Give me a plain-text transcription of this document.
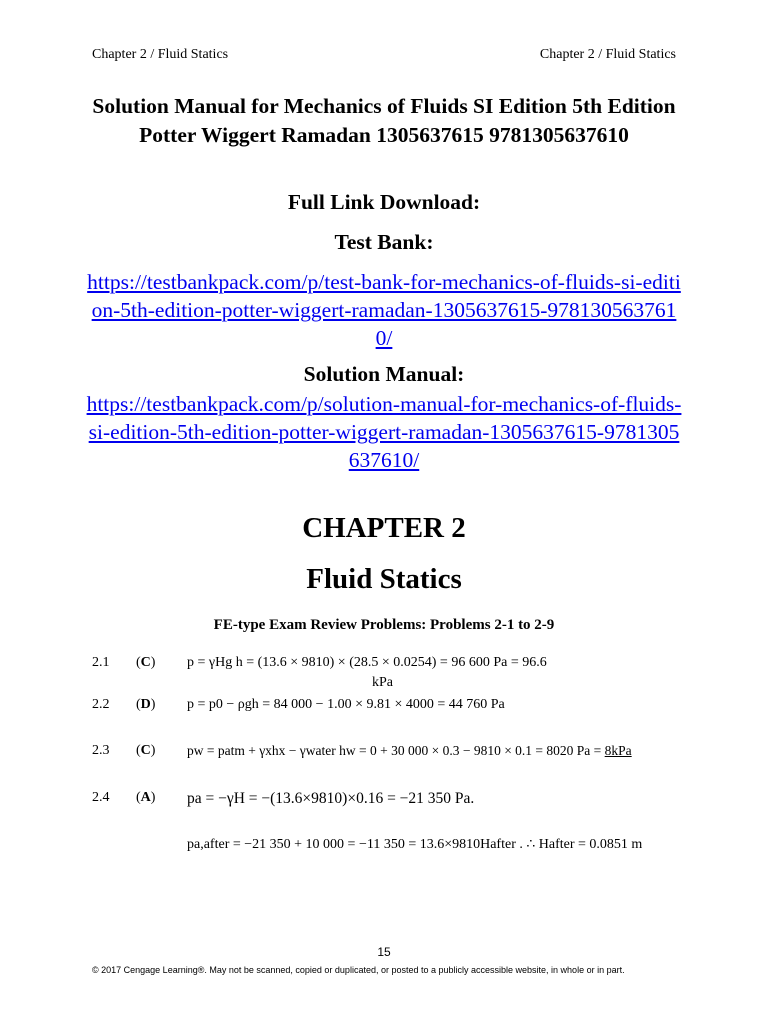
Chapter 2 / Fluid Statics	Chapter 2 / Fluid Statics
Solution Manual for Mechanics of Fluids SI Edition 5th Edition Potter Wiggert Ramadan 1305637615 9781305637610
Full Link Download:
Test Bank:
https://testbankpack.com/p/test-bank-for-mechanics-of-fluids-si-edition-5th-edition-potter-wiggert-ramadan-1305637615-9781305637610/
Solution Manual:
https://testbankpack.com/p/solution-manual-for-mechanics-of-fluids-si-edition-5th-edition-potter-wiggert-ramadan-1305637615-9781305637610/
CHAPTER 2
Fluid Statics
FE-type Exam Review Problems: Problems 2-1 to 2-9
2.1 (C) p = γHg h = (13.6 × 9810) × (28.5 × 0.0254) = 96 600 Pa = 96.6
kPa
2.2 (D) p = p0 − ρgh = 84 000 − 1.00 × 9.81 × 4000 = 44 760 Pa
2.3 (C) pw = patm + γxhx − γwater hw = 0 + 30 000 × 0.3 − 9810 × 0.1 = 8020 Pa = 8kPa
2.4 (A) pa = −γH = −(13.6×9810)×0.16 = −21 350 Pa.
pa,after = −21 350 + 10 000 = −11 350 = 13.6×9810Hafter . ∴ Hafter = 0.0851 m
15
© 2017 Cengage Learning®. May not be scanned, copied or duplicated, or posted to a publicly accessible website, in whole or in part.
